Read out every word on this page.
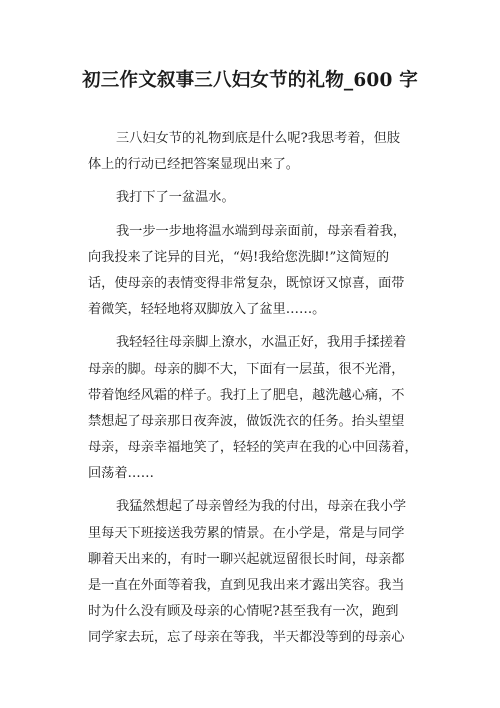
初三作文叙事三八妇女节的礼物_600 字

三八妇女节的礼物到底是什么呢?我思考着，但肢
体上的行动已经把答案显现出来了。

我打下了一盆温水。

我一步一步地将温水端到母亲面前，母亲看着我，
向我投来了诧异的目光，“妈!我给您洗脚!”这简短的
话，使母亲的表情变得非常复杂，既惊讶又惊喜，面带
着微笑，轻轻地将双脚放入了盆里……。

我轻轻往母亲脚上潦水，水温正好，我用手揉搓着
母亲的脚。母亲的脚不大，下面有一层茧，很不光滑，
带着饱经风霜的样子。我打上了肥皂，越洗越心痛，不
禁想起了母亲那日夜奔波，做饭洗衣的任务。抬头望望
母亲，母亲幸福地笑了，轻轻的笑声在我的心中回荡着，
回荡着……

我猛然想起了母亲曾经为我的付出，母亲在我小学
里每天下班接送我劳累的情景。在小学是，常是与同学
聊着天出来的，有时一聊兴起就逗留很长时间，母亲都
是一直在外面等着我，直到见我出来才露出笑容。我当
时为什么没有顾及母亲的心情呢?甚至我有一次，跑到
同学家去玩，忘了母亲在等我，半天都没等到的母亲心
